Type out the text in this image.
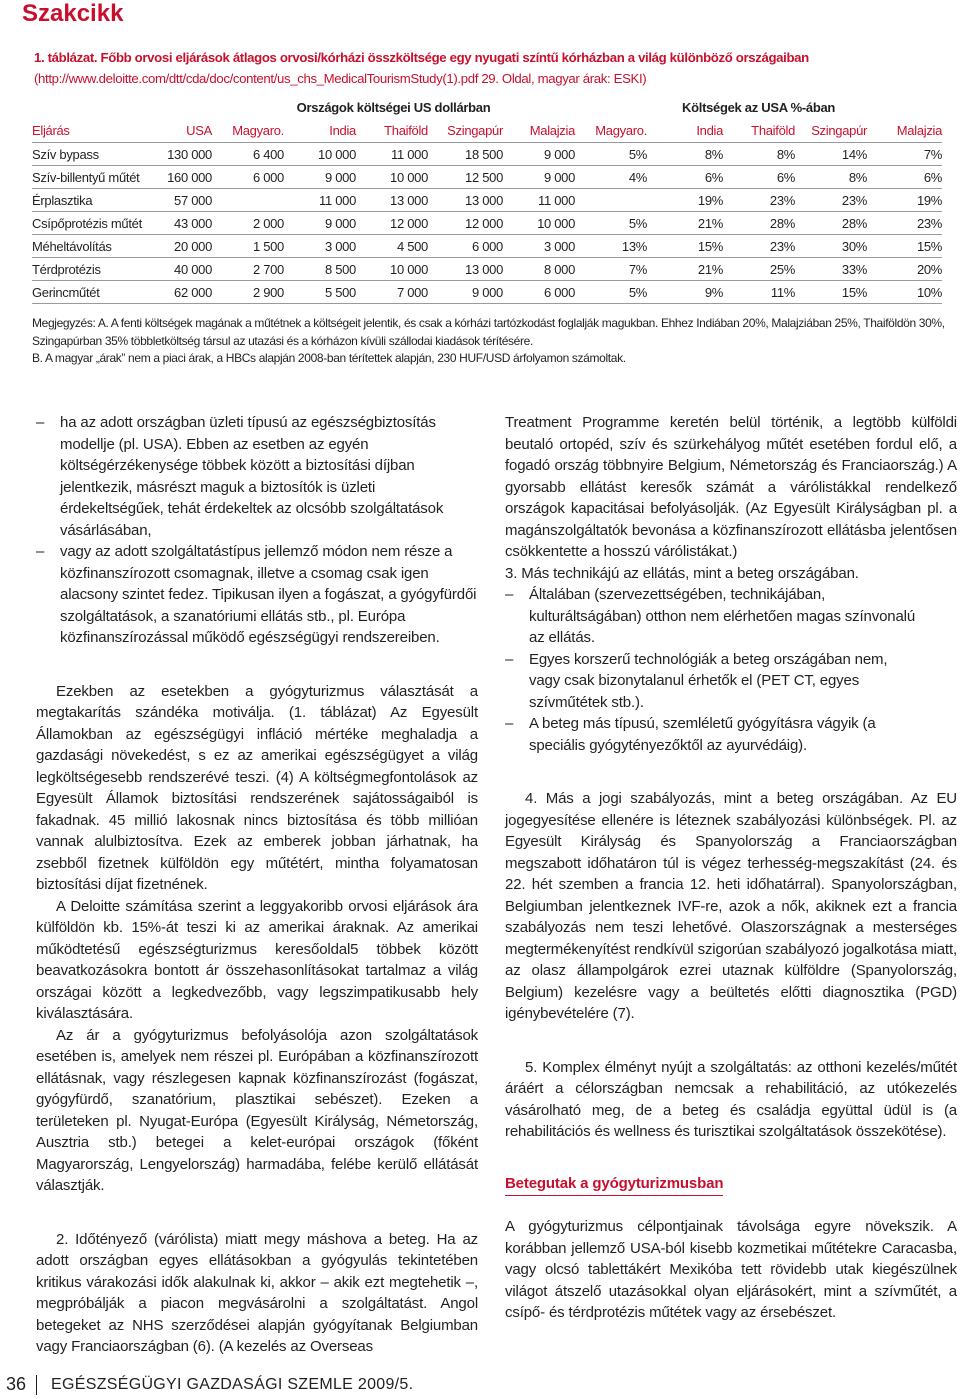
Szakcikk
1. táblázat. Főbb orvosi eljárások átlagos orvosi/kórházi összköltsége egy nyugati színtű kórházban a világ különböző országaiban (http://www.deloitte.com/dtt/cda/doc/content/us_chs_MedicalTourismStudy(1).pdf 29. Oldal, magyar árak: ESKI)
		Országok költségei US dollárban					Költségek az USA %-ában				
Eljárás	USA	Magyaro.	India	Thaiföld	Szingapúr	Malajzia	Magyaro.	India	Thaiföld	Szingapúr	Malajzia
Szív bypass	130 000	6 400	10 000	11 000	18 500	9 000	5%	8%	8%	14%	7%
Szív-billentyű műtét	160 000	6 000	9 000	10 000	12 500	9 000	4%	6%	6%	8%	6%
Érplasztika	57 000		11 000	13 000	13 000	11 000		19%	23%	23%	19%
Csípőprotézis műtét	43 000	2 000	9 000	12 000	12 000	10 000	5%	21%	28%	28%	23%
Méheltávolítás	20 000	1 500	3 000	4 500	6 000	3 000	13%	15%	23%	30%	15%
Térdprotézis	40 000	2 700	8 500	10 000	13 000	8 000	7%	21%	25%	33%	20%
Gerincműtét	62 000	2 900	5 500	7 000	9 000	6 000	5%	9%	11%	15%	10%

Megjegyzés: A. A fenti költségek magának a műtétnek a költségeit jelentik, és csak a kórházi tartózkodást foglalják magukban. Ehhez Indiában 20%, Malajziában 25%, Thaiföldön 30%, Szingapúrban 35% többletköltség társul az utazási és a kórházon kívüli szállodai kiadások térítésére.

B. A magyar „árak” nem a piaci árak, a HBCs alapján 2008-ban térítettek alapján, 230 HUF/USD árfolyamon számoltak.

–	ha az adott országban üzleti típusú az egészségbiztosítás modellje (pl. USA). Ebben az esetben az egyén költségérzékenysége többek között a biztosítási díjban jelentkezik, másrészt maguk a biztosítók is üzleti érdekeltségűek, tehát érdekeltek az olcsóbb szolgáltatások vásárlásában,
–	vagy az adott szolgáltatástípus jellemző módon nem része a közfinanszírozott csomagnak, illetve a csomag csak igen alacsony szintet fedez. Tipikusan ilyen a fogászat, a gyógyfürdői szolgáltatások, a szanatóriumi ellátás stb., pl. Európa közfinanszírozással működő egészségügyi rendszereiben.

Ezekben az esetekben a gyógyturizmus választását a megtakarítás szándéka motiválja. (1. táblázat) Az Egyesült Államokban az egészségügyi infláció mértéke meghaladja a gazdasági növekedést, s ez az amerikai egészségügyet a világ legköltségesebb rendszerévé teszi. (4) A költségmegfontolások az Egyesült Államok biztosítási rendszerének sajátosságaiból is fakadnak. 45 millió lakosnak nincs biztosítása és több millióan vannak alulbiztosítva. Ezek az emberek jobban járhatnak, ha zsebből fizetnek külföldön egy műtétért, mintha folyamatosan biztosítási díjat fizetnének.

A Deloitte számítása szerint a leggyakoribb orvosi eljárások ára külföldön kb. 15%-át teszi ki az amerikai áraknak. Az amerikai működtetésű egészségturizmus keresőoldal5 többek között beavatkozásokra bontott ár összehasonlításokat tartalmaz a világ országai között a legkedvezőbb, vagy legszimpatikusabb hely kiválasztására.

Az ár a gyógyturizmus befolyásolója azon szolgáltatások esetében is, amelyek nem részei pl. Európában a közfinanszírozott ellátásnak, vagy részlegesen kapnak közfinanszírozást (fogászat, gyógyfürdő, szanatórium, plasztikai sebészet). Ezeken a területeken pl. Nyugat-Európa (Egyesült Királyság, Németország, Ausztria stb.) betegei a kelet-európai országok (főként Magyarország, Lengyelország) harmadába, felébe kerülő ellátását választják.

2. Időtényező (várólista) miatt megy máshova a beteg. Ha az adott országban egyes ellátásokban a gyógyulás tekintetében kritikus várakozási idők alakulnak ki, akkor – akik ezt megtehetik –, megpróbálják a piacon megvásárolni a szolgáltatást. Angol betegeket az NHS szerződései alapján gyógyítanak Belgiumban vagy Franciaországban (6). (A kezelés az Overseas

Treatment Programme keretén belül történik, a legtöbb külföldi beutaló ortopéd, szív és szürkehályog műtét esetében fordul elő, a fogadó ország többnyire Belgium, Németország és Franciaország.) A gyorsabb ellátást keresők számát a várólistákkal rendelkező országok kapacitásai befolyásolják. (Az Egyesült Királyságban pl. a magánszolgáltatók bevonása a közfinanszírozott ellátásba jelentősen csökkentette a hosszú várólistákat.)

3. Más technikájú az ellátás, mint a beteg országában.

–	Általában (szervezettségében, technikájában, kulturáltságában) otthon nem elérhetően magas színvonalú az ellátás.
–	Egyes korszerű technológiák a beteg országában nem, vagy csak bizonytalanul érhetők el (PET CT, egyes szívműtétek stb.).
–	A beteg más típusú, szemléletű gyógyításra vágyik (a speciális gyógytényezőktől az ayurvédáig).

4. Más a jogi szabályozás, mint a beteg országában. Az EU jogegyesítése ellenére is léteznek szabályozási különbségek. Pl. az Egyesült Királyság és Spanyolország a Franciaországban megszabott időhatáron túl is végez terhesség-megszakítást (24. és 22. hét szemben a francia 12. heti időhatárral). Spanyolországban, Belgiumban jelentkeznek IVF-re, azok a nők, akiknek ezt a francia szabályozás nem teszi lehetővé. Olaszországnak a mesterséges megtermékenyítést rendkívül szigorúan szabályozó jogalkotása miatt, az olasz állampolgárok ezrei utaznak külföldre (Spanyolország, Belgium) kezelésre vagy a beültetés előtti diagnosztika (PGD) igénybevételére (7).

5. Komplex élményt nyújt a szolgáltatás: az otthoni kezelés/műtét áráért a célországban nemcsak a rehabilitáció, az utókezelés vásárolható meg, de a beteg és családja együttal üdül is (a rehabilitációs és wellness és turisztikai szolgáltatások összekötése).

Betegutak a gyógyturizmusban

A gyógyturizmus célpontjainak távolsága egyre növekszik. A korábban jellemző USA-ból kisebb kozmetikai műtétekre Caracasba, vagy olcsó tablettákért Mexikóba tett rövidebb utak kiegészülnek világot átszelő utazásokkal olyan eljárásokért, mint a szívműtét, a csípő- és térdprotézis műtétek vagy az érsebészet.

36	EGÉSZSÉGÜGYI GAZDASÁGI SZEMLE 2009/5.
